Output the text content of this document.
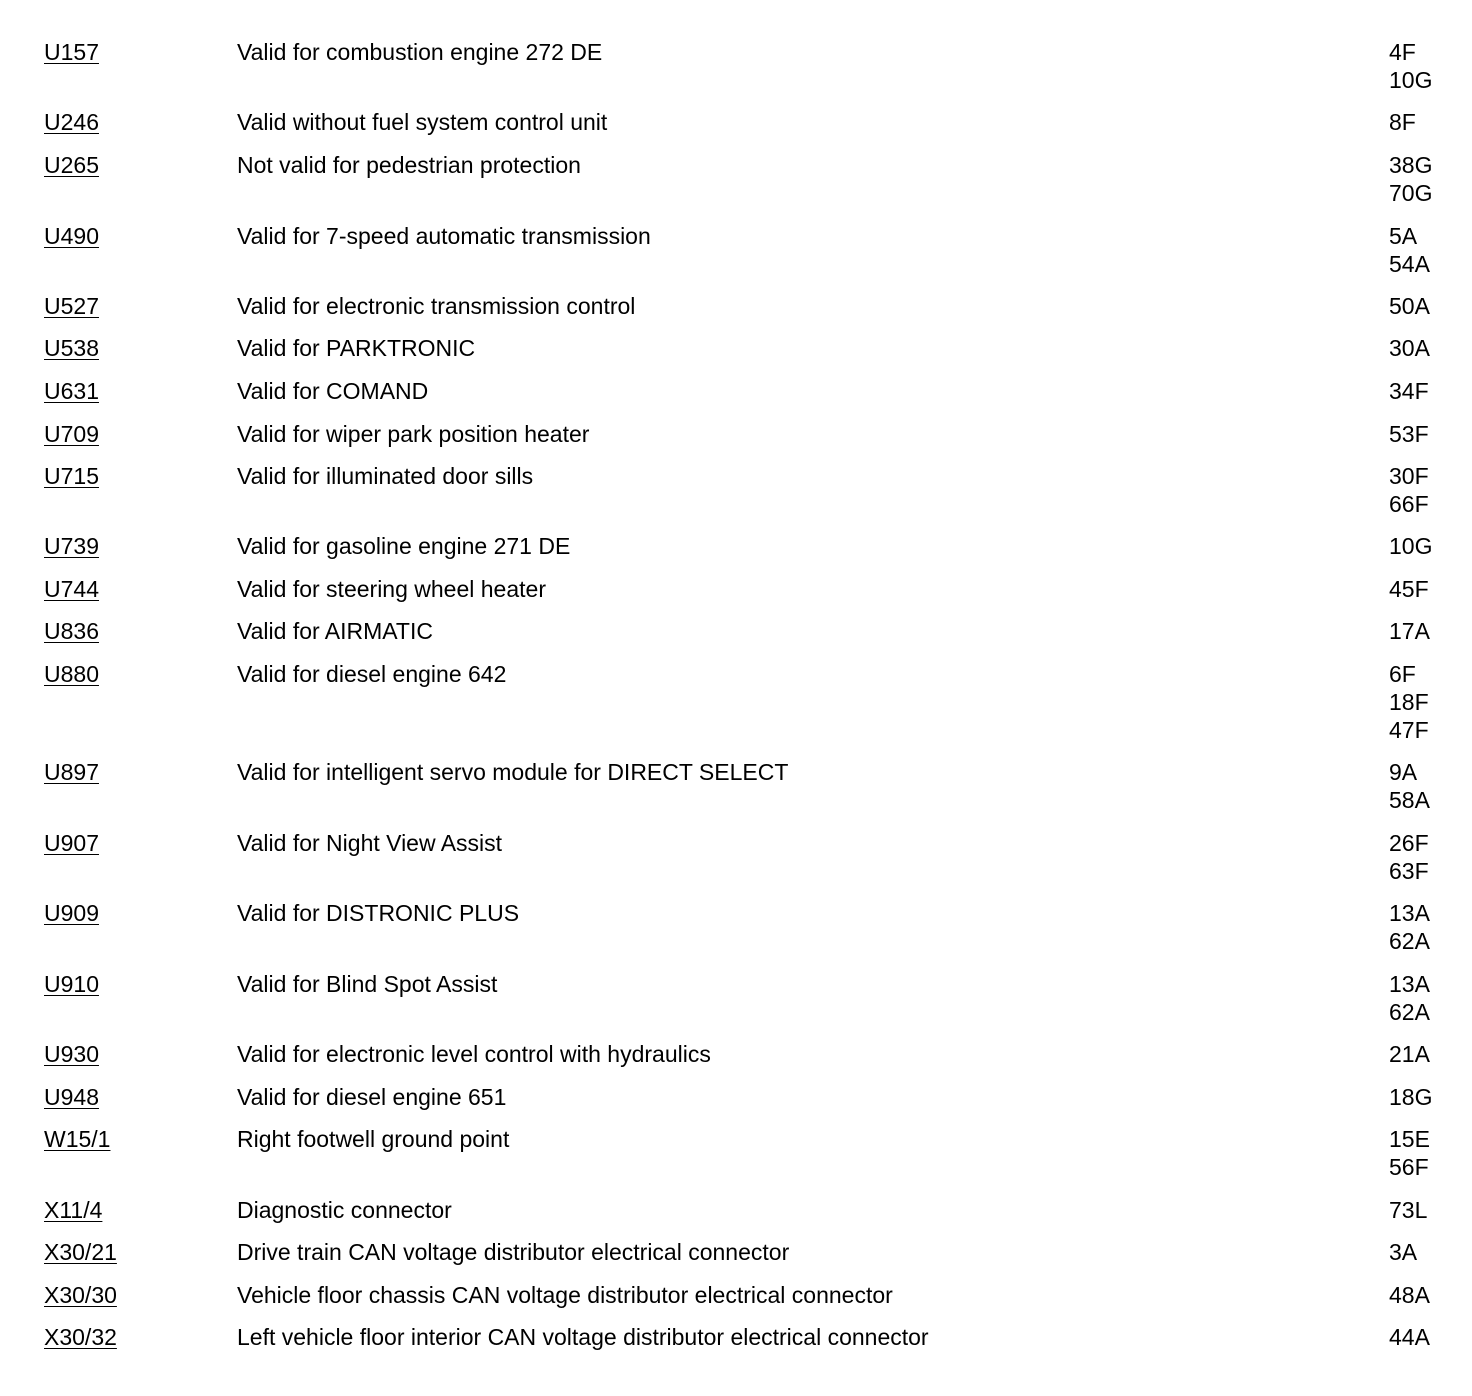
U157	Valid for combustion engine 272 DE	4F
10G
U246	Valid without fuel system control unit	8F
U265	Not valid for pedestrian protection	38G
70G
U490	Valid for 7-speed automatic transmission	5A
54A
U527	Valid for electronic transmission control	50A
U538	Valid for PARKTRONIC	30A
U631	Valid for COMAND	34F
U709	Valid for wiper park position heater	53F
U715	Valid for illuminated door sills	30F
66F
U739	Valid for gasoline engine 271 DE	10G
U744	Valid for steering wheel heater	45F
U836	Valid for AIRMATIC	17A
U880	Valid for diesel engine 642	6F
18F
47F
U897	Valid for intelligent servo module for DIRECT SELECT	9A
58A
U907	Valid for Night View Assist	26F
63F
U909	Valid for DISTRONIC PLUS	13A
62A
U910	Valid for Blind Spot Assist	13A
62A
U930	Valid for electronic level control with hydraulics	21A
U948	Valid for diesel engine 651	18G
W15/1	Right footwell ground point	15E
56F
X11/4	Diagnostic connector	73L
X30/21	Drive train CAN voltage distributor electrical connector	3A
X30/30	Vehicle floor chassis CAN voltage distributor electrical connector	48A
X30/32	Left vehicle floor interior CAN voltage distributor electrical connector	44A
